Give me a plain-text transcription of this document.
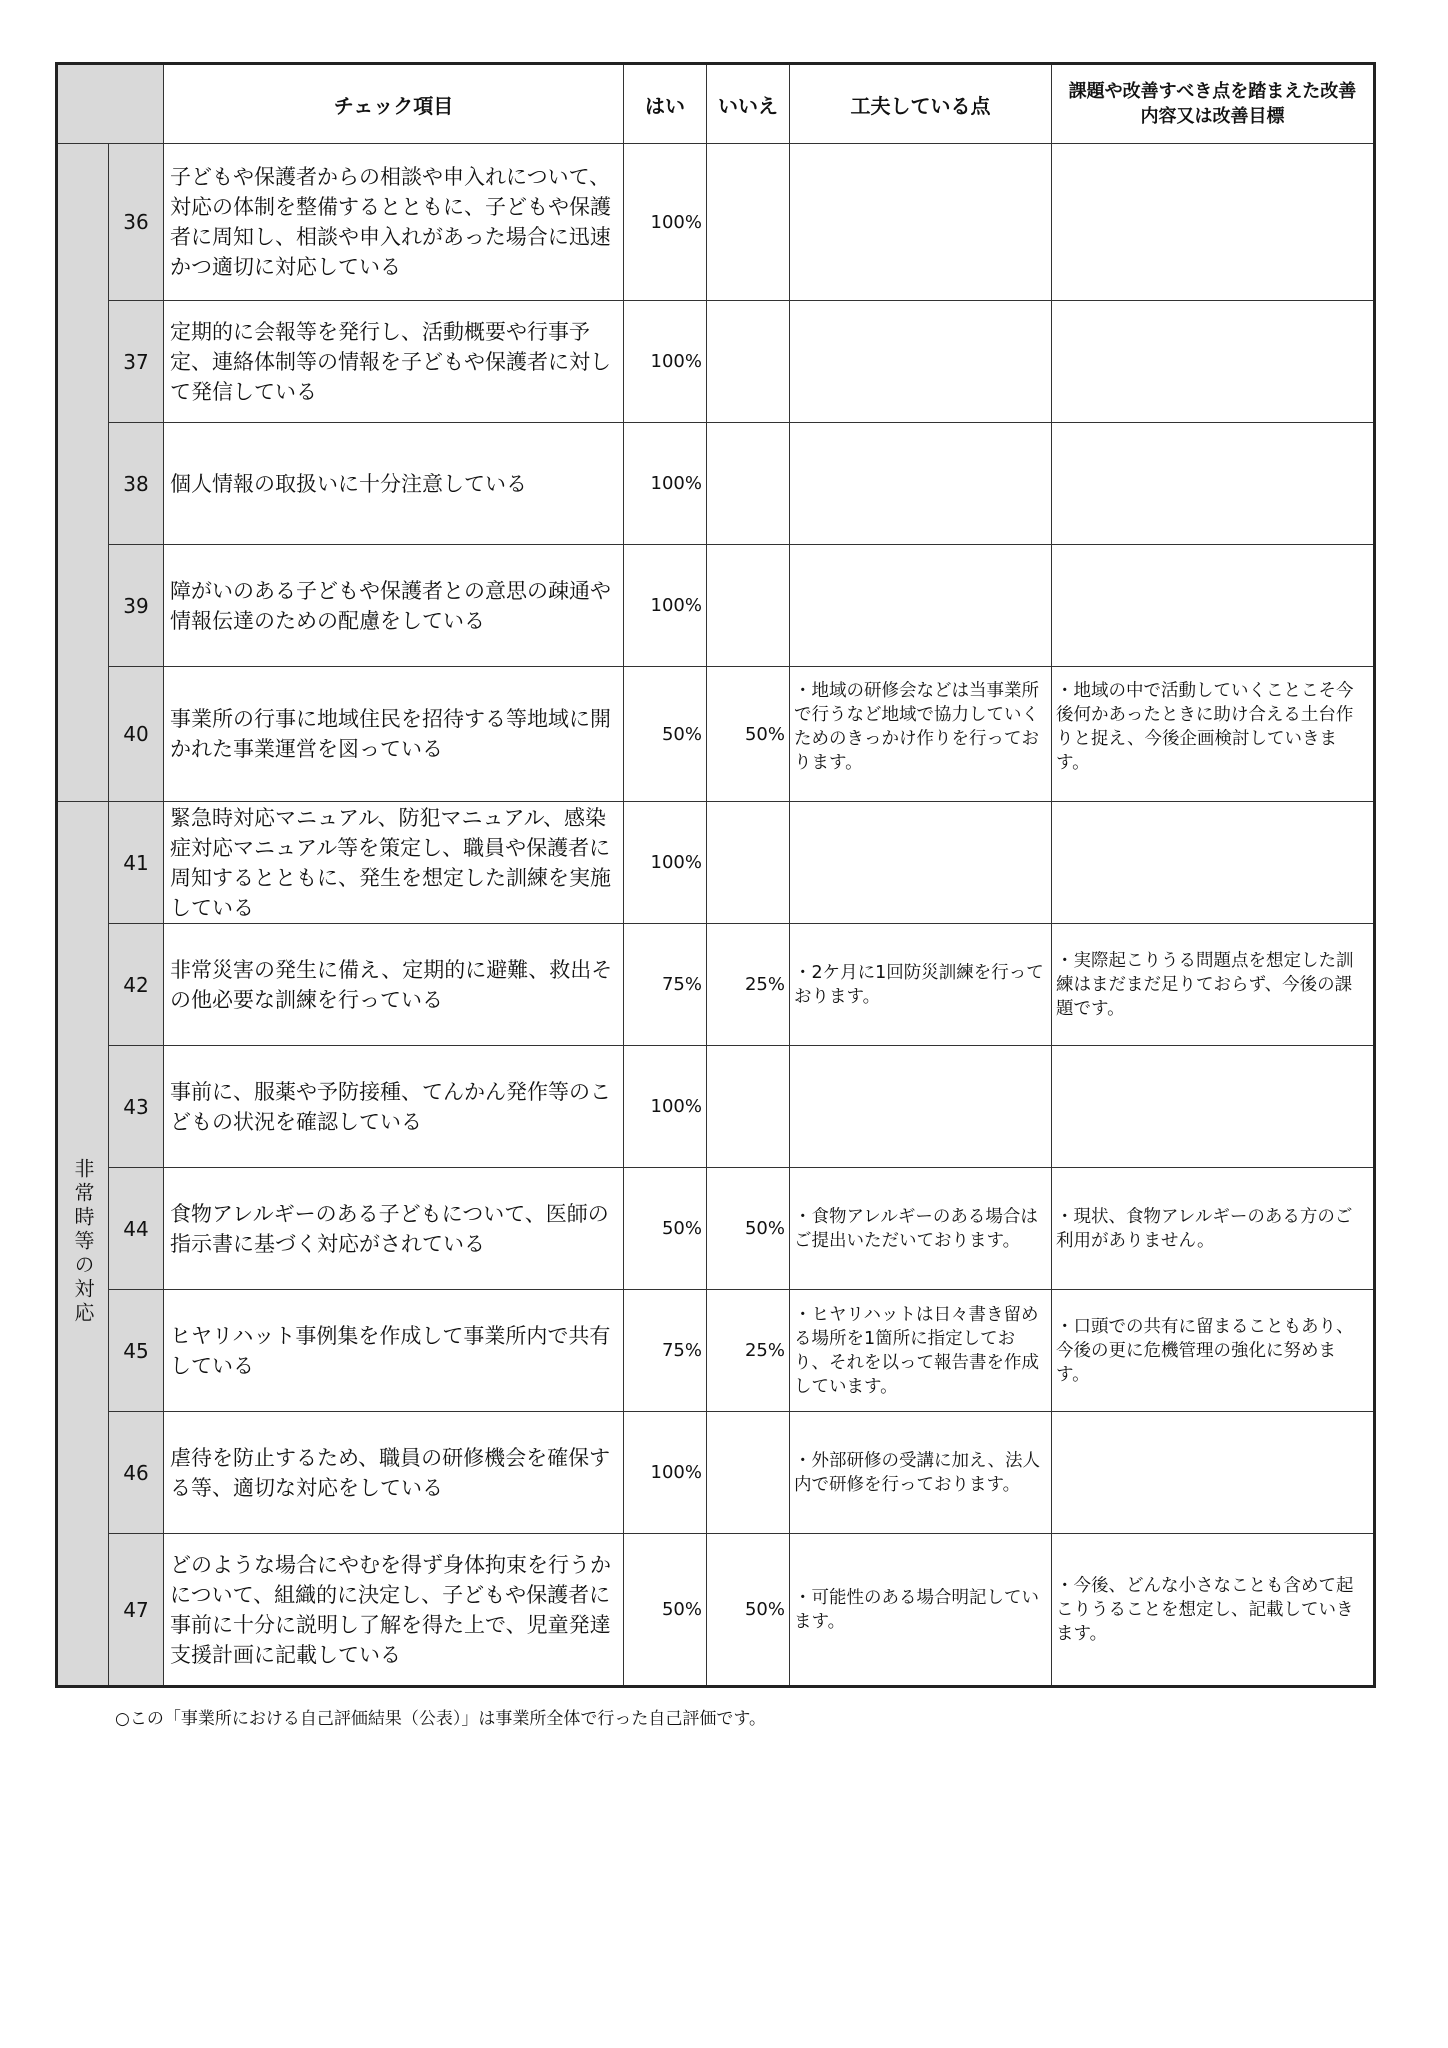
		チェック項目	はい	いいえ	工夫している点	課題や改善すべき点を踏まえた改善内容又は改善目標
	36	子どもや保護者からの相談や申入れについて、対応の体制を整備するとともに、子どもや保護者に周知し、相談や申入れがあった場合に迅速かつ適切に対応している	100%			
	37	定期的に会報等を発行し、活動概要や行事予定、連絡体制等の情報を子どもや保護者に対して発信している	100%			
	38	個人情報の取扱いに十分注意している	100%			
	39	障がいのある子どもや保護者との意思の疎通や情報伝達のための配慮をしている	100%			
	40	事業所の行事に地域住民を招待する等地域に開かれた事業運営を図っている	50%	50%	・地域の研修会などは当事業所で行うなど地域で協力していくためのきっかけ作りを行っております。	・地域の中で活動していくことこそ今後何かあったときに助け合える土台作りと捉え、今後企画検討していきます。
非常時等の対応	41	緊急時対応マニュアル、防犯マニュアル、感染症対応マニュアル等を策定し、職員や保護者に周知するとともに、発生を想定した訓練を実施している	100%			
	42	非常災害の発生に備え、定期的に避難、救出その他必要な訓練を行っている	75%	25%	・2ケ月に1回防災訓練を行っております。	・実際起こりうる問題点を想定した訓練はまだまだ足りておらず、今後の課題です。
	43	事前に、服薬や予防接種、てんかん発作等のこどもの状況を確認している	100%			
	44	食物アレルギーのある子どもについて、医師の指示書に基づく対応がされている	50%	50%	・食物アレルギーのある場合はご提出いただいております。	・現状、食物アレルギーのある方のご利用がありません。
	45	ヒヤリハット事例集を作成して事業所内で共有している	75%	25%	・ヒヤリハットは日々書き留める場所を1箇所に指定しており、それを以って報告書を作成しています。	・口頭での共有に留まることもあり、今後の更に危機管理の強化に努めます。
	46	虐待を防止するため、職員の研修機会を確保する等、適切な対応をしている	100%		・外部研修の受講に加え、法人内で研修を行っております。	
	47	どのような場合にやむを得ず身体拘束を行うかについて、組織的に決定し、子どもや保護者に事前に十分に説明し了解を得た上で、児童発達支援計画に記載している	50%	50%	・可能性のある場合明記しています。	・今後、どんな小さなことも含めて起こりうることを想定し、記載していきます。
○この「事業所における自己評価結果（公表）」は事業所全体で行った自己評価です。
